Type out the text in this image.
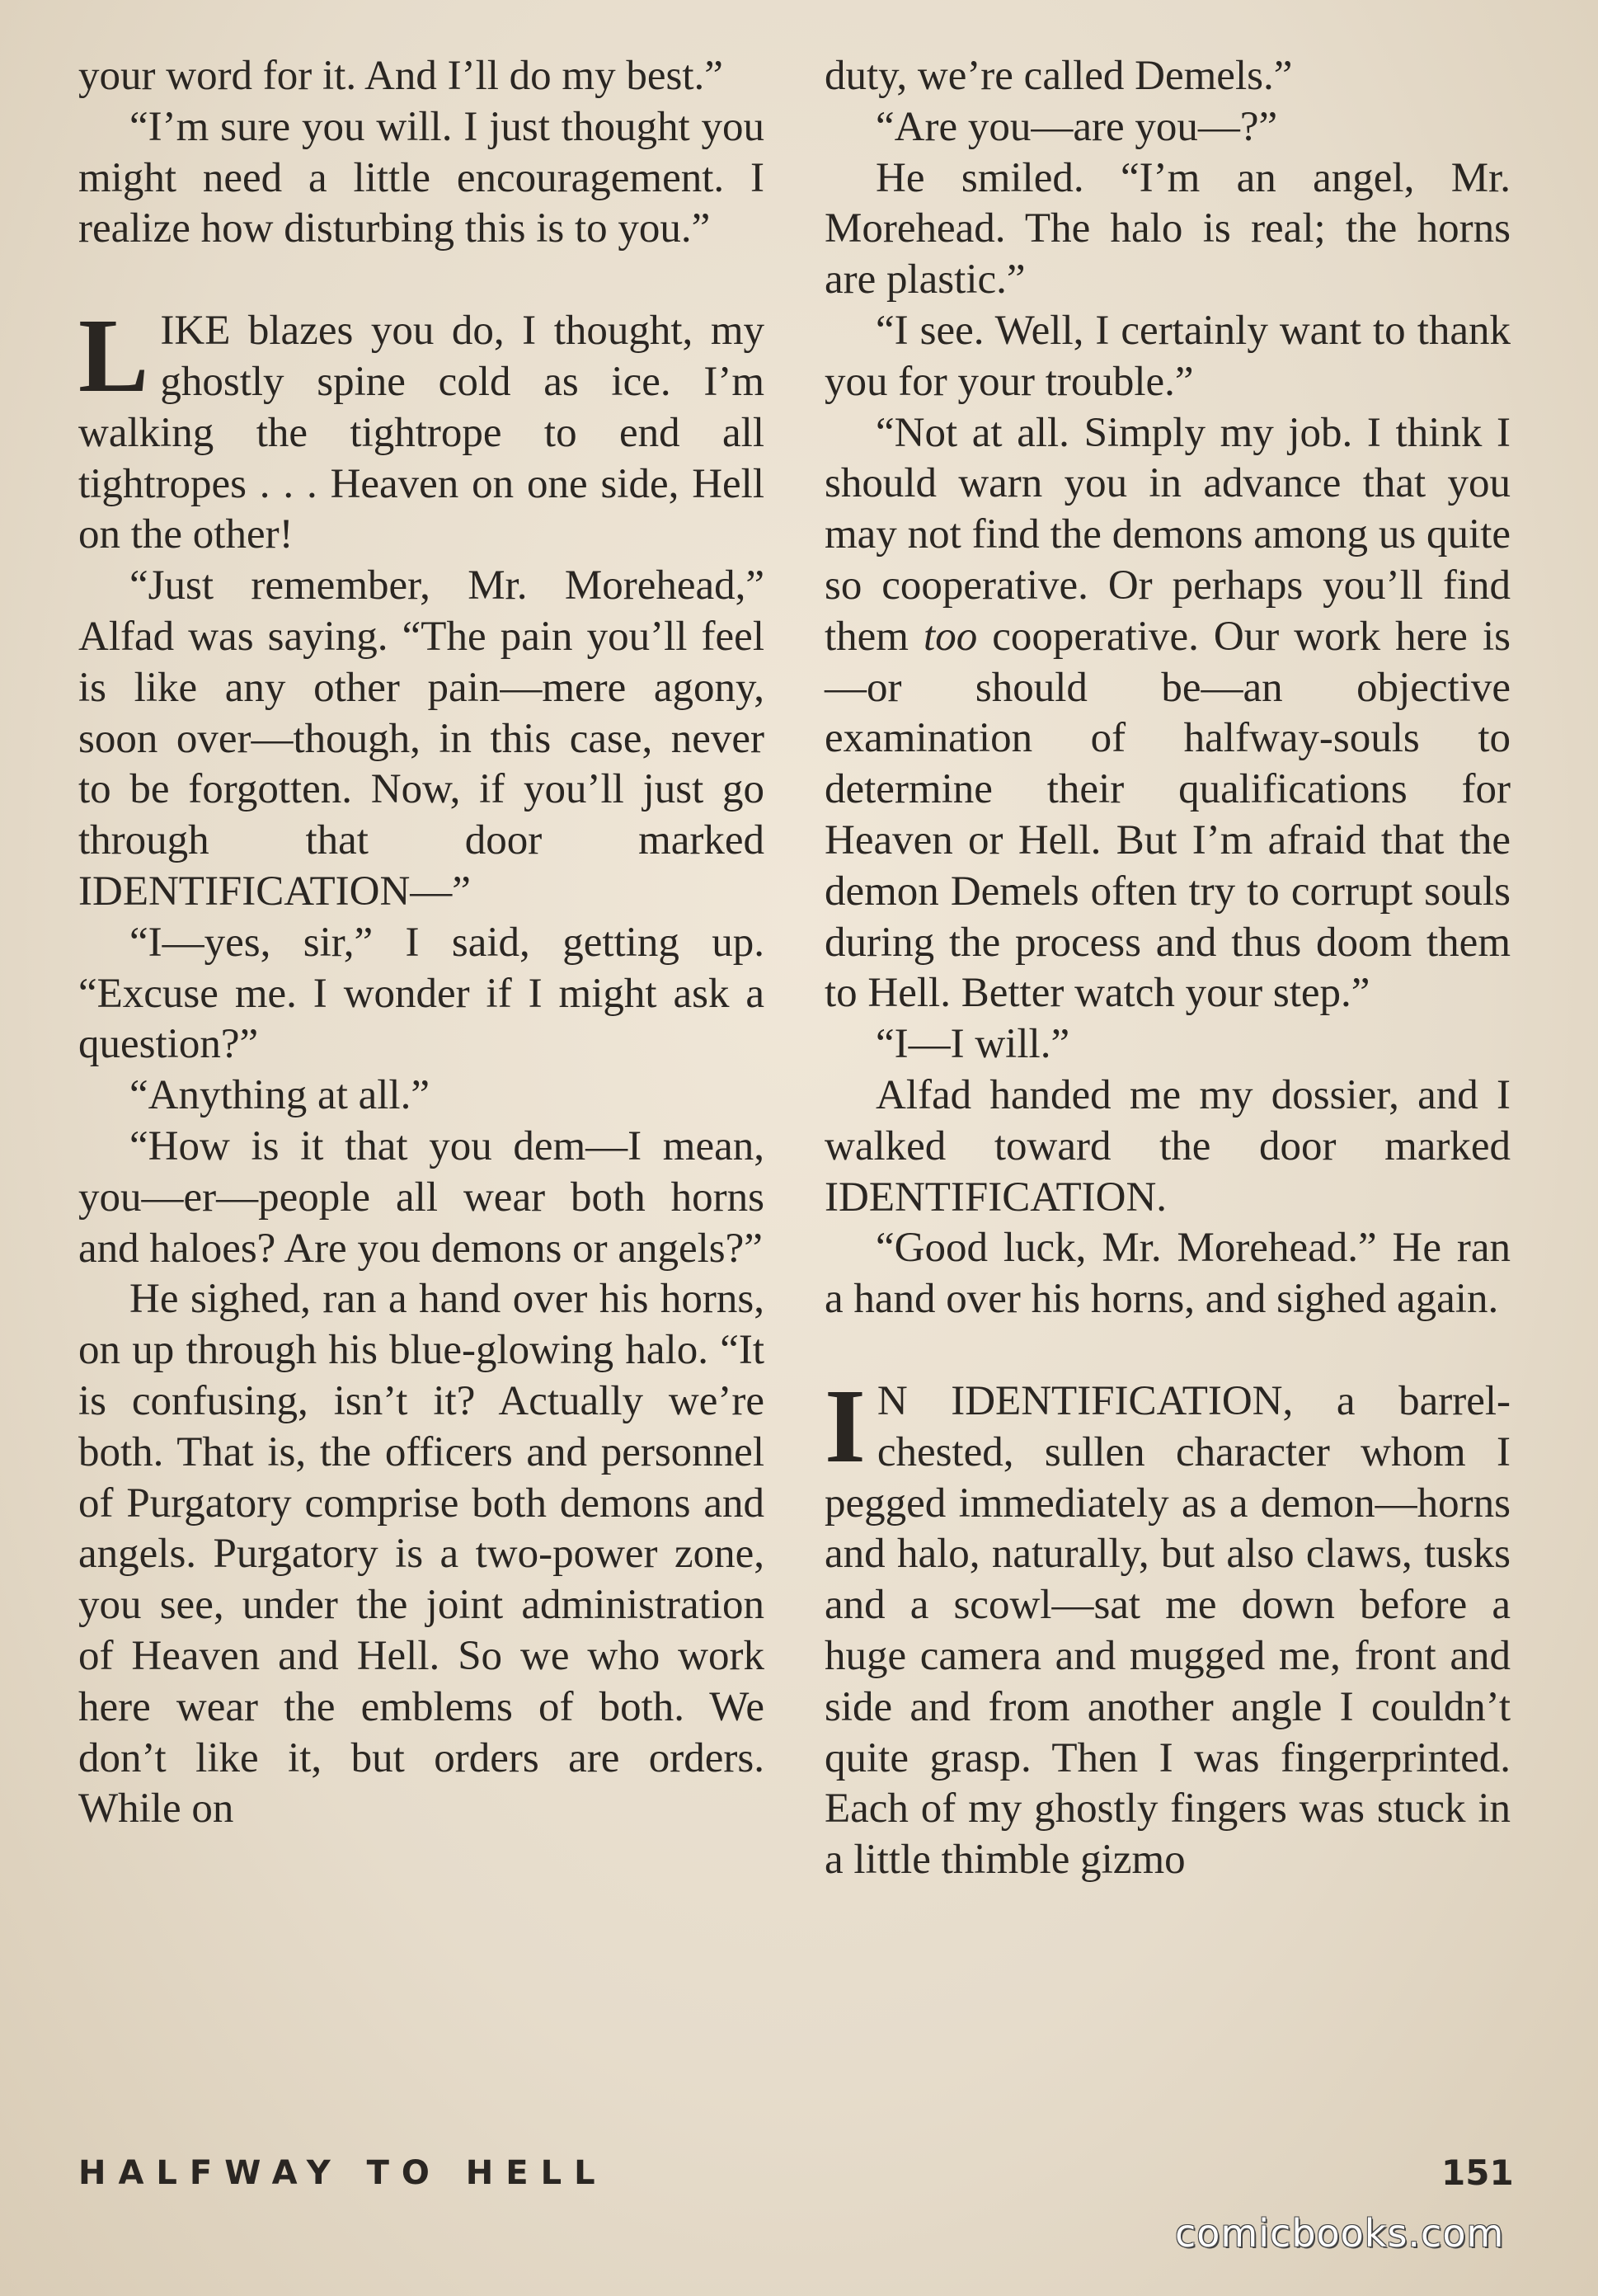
your word for it. And I’ll do my best.”

“I’m sure you will. I just thought you might need a little encouragement. I realize how disturbing this is to you.”

LIKE blazes you do, I thought, my ghostly spine cold as ice. I’m walking the tightrope to end all tightropes . . . Heaven on one side, Hell on the other!

“Just remember, Mr. Morehead,” Alfad was saying. “The pain you’ll feel is like any other pain—mere agony, soon over—though, in this case, never to be forgotten. Now, if you’ll just go through that door marked IDENTIFICATION—”

“I—yes, sir,” I said, getting up. “Excuse me. I wonder if I might ask a question?”

“Anything at all.”

“How is it that you dem—I mean, you—er—people all wear both horns and haloes? Are you demons or angels?”

He sighed, ran a hand over his horns, on up through his blue-glowing halo. “It is confusing, isn’t it? Actually we’re both. That is, the officers and personnel of Purgatory comprise both demons and angels. Purgatory is a two-power zone, you see, under the joint administration of Heaven and Hell. So we who work here wear the emblems of both. We don’t like it, but orders are orders. While on

duty, we’re called Demels.”

“Are you—are you—?”

He smiled. “I’m an angel, Mr. Morehead. The halo is real; the horns are plastic.”

“I see. Well, I certainly want to thank you for your trouble.”

“Not at all. Simply my job. I think I should warn you in advance that you may not find the demons among us quite so cooperative. Or perhaps you’ll find them too cooperative. Our work here is—or should be—an objective examination of halfway-souls to determine their qualifications for Heaven or Hell. But I’m afraid that the demon Demels often try to corrupt souls during the process and thus doom them to Hell. Better watch your step.”

“I—I will.”

Alfad handed me my dossier, and I walked toward the door marked IDENTIFICATION.

“Good luck, Mr. Morehead.” He ran a hand over his horns, and sighed again.

I N IDENTIFICATION, a barrel-chested, sullen character whom I pegged immediately as a demon—horns and halo, naturally, but also claws, tusks and a scowl—sat me down before a huge camera and mugged me, front and side and from another angle I couldn’t quite grasp. Then I was fingerprinted. Each of my ghostly fingers was stuck in a little thimble gizmo

HALFWAY TO HELL	151
comicbooks.com
